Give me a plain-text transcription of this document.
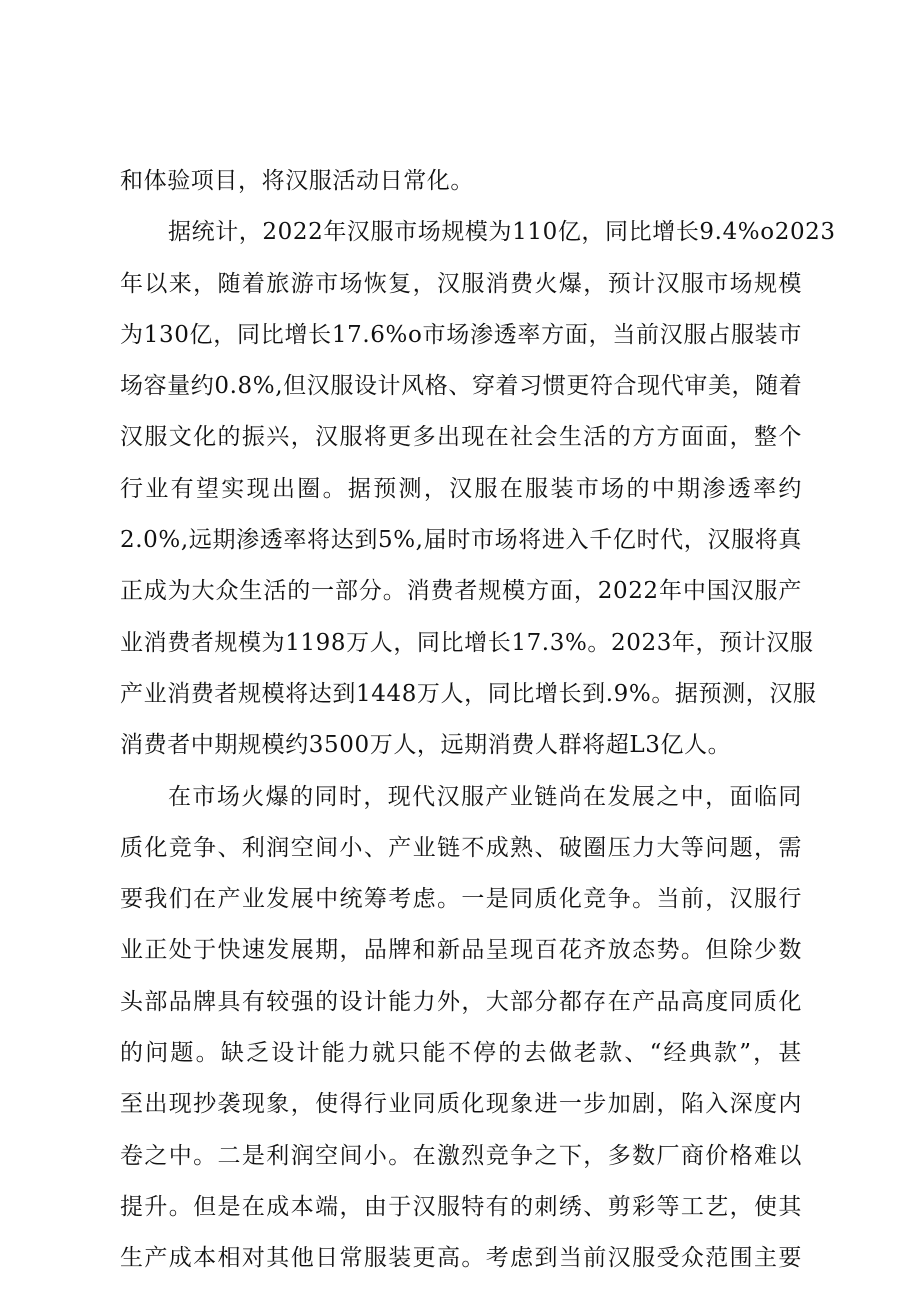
和体验项目，将汉服活动日常化。
据统计，2022年汉服市场规模为110亿，同比增长9.4%o2023
年以来，随着旅游市场恢复，汉服消费火爆，预计汉服市场规模
为130亿，同比增长17.6%o市场渗透率方面，当前汉服占服装市
场容量约0.8%,但汉服设计风格、穿着习惯更符合现代审美，随着
汉服文化的振兴，汉服将更多出现在社会生活的方方面面，整个
行业有望实现出圈。据预测，汉服在服装市场的中期渗透率约
2.0%,远期渗透率将达到5%,届时市场将进入千亿时代，汉服将真
正成为大众生活的一部分。消费者规模方面，2022年中国汉服产
业消费者规模为1198万人，同比增长17.3%。2023年，预计汉服
产业消费者规模将达到1448万人，同比增长到.9%。据预测，汉服
消费者中期规模约3500万人，远期消费人群将超L3亿人。
在市场火爆的同时，现代汉服产业链尚在发展之中，面临同
质化竞争、利润空间小、产业链不成熟、破圈压力大等问题，需
要我们在产业发展中统筹考虑。一是同质化竞争。当前，汉服行
业正处于快速发展期，品牌和新品呈现百花齐放态势。但除少数
头部品牌具有较强的设计能力外，大部分都存在产品高度同质化
的问题。缺乏设计能力就只能不停的去做老款、“经典款”，甚
至出现抄袭现象，使得行业同质化现象进一步加剧，陷入深度内
卷之中。二是利润空间小。在激烈竞争之下，多数厂商价格难以
提升。但是在成本端，由于汉服特有的刺绣、剪彩等工艺，使其
生产成本相对其他日常服装更高。考虑到当前汉服受众范围主要
